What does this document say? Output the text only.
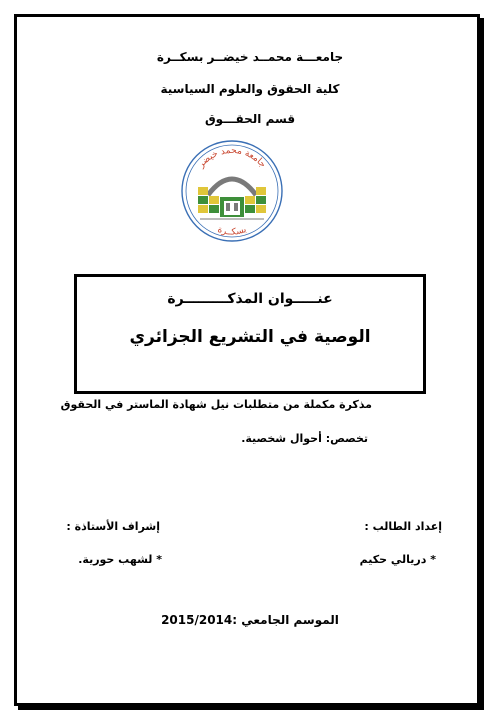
جامعـــة محمــد خيضــر بسكــرة
كلية الحقوق والعلوم السياسية
قسم الحقـــوق
جامعة محمد خيضر
بسكــرة
عنـــــوان المذكـــــــــرة
الوصية في التشريع الجزائري
مذكرة مكملة من متطلبات نيل شهادة الماستر في الحقوق
تخصص: أحوال شخصية.
إعداد الطالب :
إشراف الأستاذة :
* دريالي حكيم
* لشهب حورية.
الموسم الجامعي :2015/2014
